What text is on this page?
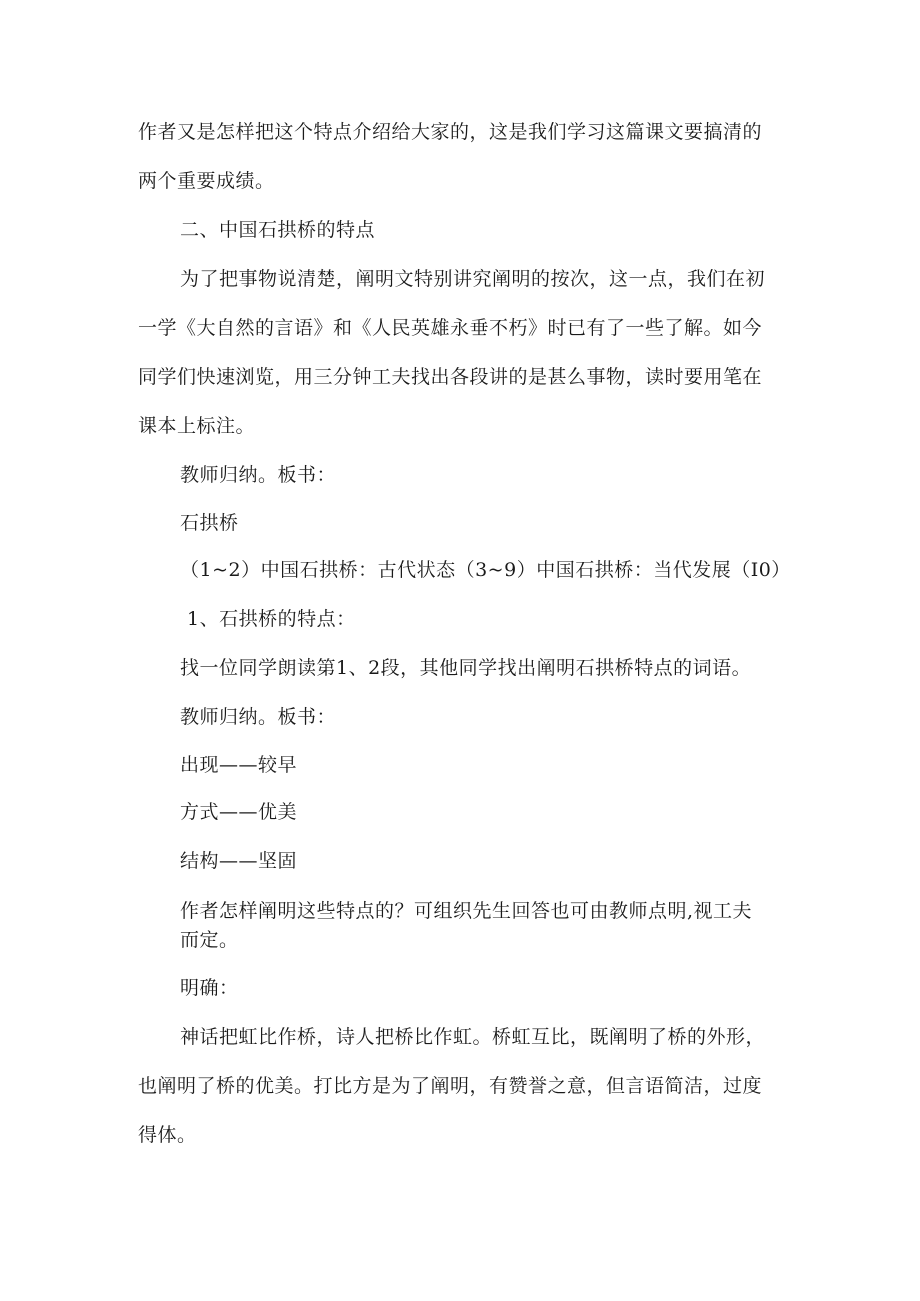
作者又是怎样把这个特点介绍给大家的，这是我们学习这篇课文要搞清的
两个重要成绩。
二、中国石拱桥的特点
为了把事物说清楚，阐明文特别讲究阐明的按次，这一点，我们在初
一学《大自然的言语》和《人民英雄永垂不朽》时已有了一些了解。如今
同学们快速浏览，用三分钟工夫找出各段讲的是甚么事物，读时要用笔在
课本上标注。
教师归纳。板书：
石拱桥
（1~2）中国石拱桥：古代状态（3~9）中国石拱桥：当代发展（I0）
1、石拱桥的特点：
找一位同学朗读第1、2段，其他同学找出阐明石拱桥特点的词语。
教师归纳。板书：
出现——较早
方式——优美
结构——坚固
作者怎样阐明这些特点的？可组织先生回答也可由教师点明,视工夫
而定。
明确：
神话把虹比作桥，诗人把桥比作虹。桥虹互比，既阐明了桥的外形，
也阐明了桥的优美。打比方是为了阐明，有赞誉之意，但言语简洁，过度
得体。
